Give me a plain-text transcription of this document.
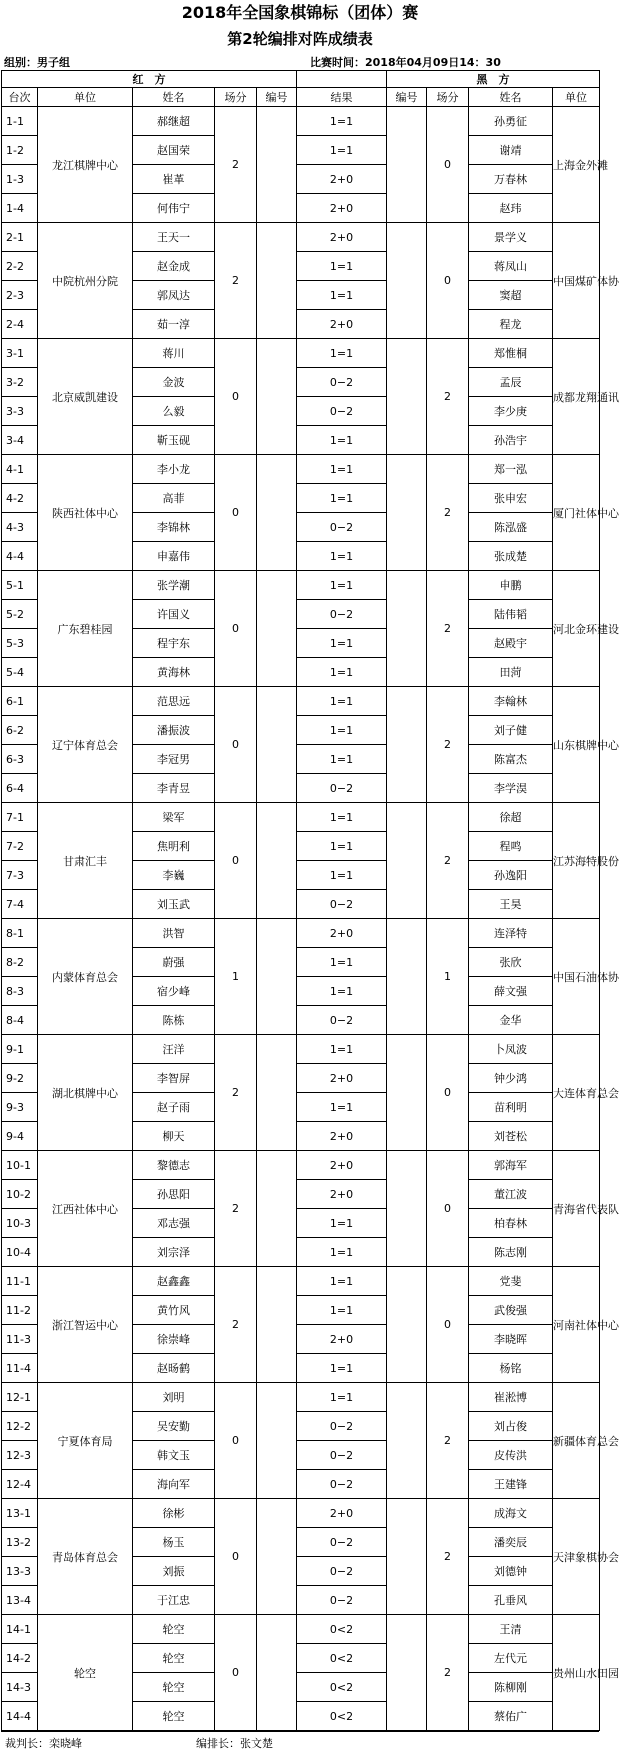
2018年全国象棋锦标（团体）赛
第2轮编排对阵成绩表
组别：男子组	比赛时间：2018年04月09日14：30
红　方						黑　方			
台次	单位	姓名	场分	编号	结果	编号	场分	姓名	单位
1-1	龙江棋牌中心	郝继超	2		1=1		0	孙勇征	上海金外滩
1-2		赵国荣			1=1			谢靖	
1-3		崔革			2+0			万春林	
1-4		何伟宁			2+0			赵玮	
2-1	中院杭州分院	王天一	2		2+0		0	景学义	中国煤矿体协
2-2		赵金成			1=1			蒋凤山	
2-3		郭凤达			1=1			窦超	
2-4		茹一淳			2+0			程龙	
3-1	北京威凯建设	蒋川	0		1=1		2	郑惟桐	成都龙翔通讯
3-2		金波			0−2			孟辰	
3-3		么毅			0−2			李少庚	
3-4		靳玉砚			1=1			孙浩宇	
4-1	陕西社体中心	李小龙	0		1=1		2	郑一泓	厦门社体中心
4-2		高菲			1=1			张申宏	
4-3		李锦林			0−2			陈泓盛	
4-4		申嘉伟			1=1			张成楚	
5-1	广东碧桂园	张学潮	0		1=1		2	申鹏	河北金环建设
5-2		许国义			0−2			陆伟韬	
5-3		程宇东			1=1			赵殿宇	
5-4		黄海林			1=1			田菏	
6-1	辽宁体育总会	范思远	0		1=1		2	李翰林	山东棋牌中心
6-2		潘振波			1=1			刘子健	
6-3		李冠男			1=1			陈富杰	
6-4		李青昱			0−2			李学淏	
7-1	甘肃汇丰	梁军	0		1=1		2	徐超	江苏海特股份
7-2		焦明利			1=1			程鸣	
7-3		李巍			1=1			孙逸阳	
7-4		刘玉武			0−2			王昊	
8-1	内蒙体育总会	洪智	1		2+0		1	连泽特	中国石油体协
8-2		蔚强			1=1			张欣	
8-3		宿少峰			1=1			薛文强	
8-4		陈栋			0−2			金华	
9-1	湖北棋牌中心	汪洋	2		1=1		0	卜凤波	大连体育总会
9-2		李智屏			2+0			钟少鸿	
9-3		赵子雨			1=1			苗利明	
9-4		柳天			2+0			刘苍松	
10-1	江西社体中心	黎德志	2		2+0		0	郭海军	青海省代表队
10-2		孙思阳			2+0			董江波	
10-3		邓志强			1=1			柏春林	
10-4		刘宗泽			1=1			陈志刚	
11-1	浙江智运中心	赵鑫鑫	2		1=1		0	党斐	河南社体中心
11-2		黄竹风			1=1			武俊强	
11-3		徐崇峰			2+0			李晓晖	
11-4		赵旸鹤			1=1			杨铭	
12-1	宁夏体育局	刘明	0		1=1		2	崔淞博	新疆体育总会
12-2		吴安勤			0−2			刘占俊	
12-3		韩文玉			0−2			皮传洪	
12-4		海向军			0−2			王建锋	
13-1	青岛体育总会	徐彬	0		2+0		2	成海文	天津象棋协会
13-2		杨玉			0−2			潘奕辰	
13-3		刘振			0−2			刘德钟	
13-4		于江忠			0−2			孔垂风	
14-1	轮空	轮空	0		0<2		2	王清	贵州山水田园
14-2		轮空			0<2			左代元	
14-3		轮空			0<2			陈柳刚	
14-4		轮空			0<2			蔡佑广	
裁判长：栾晓峰	编排长：张文楚
